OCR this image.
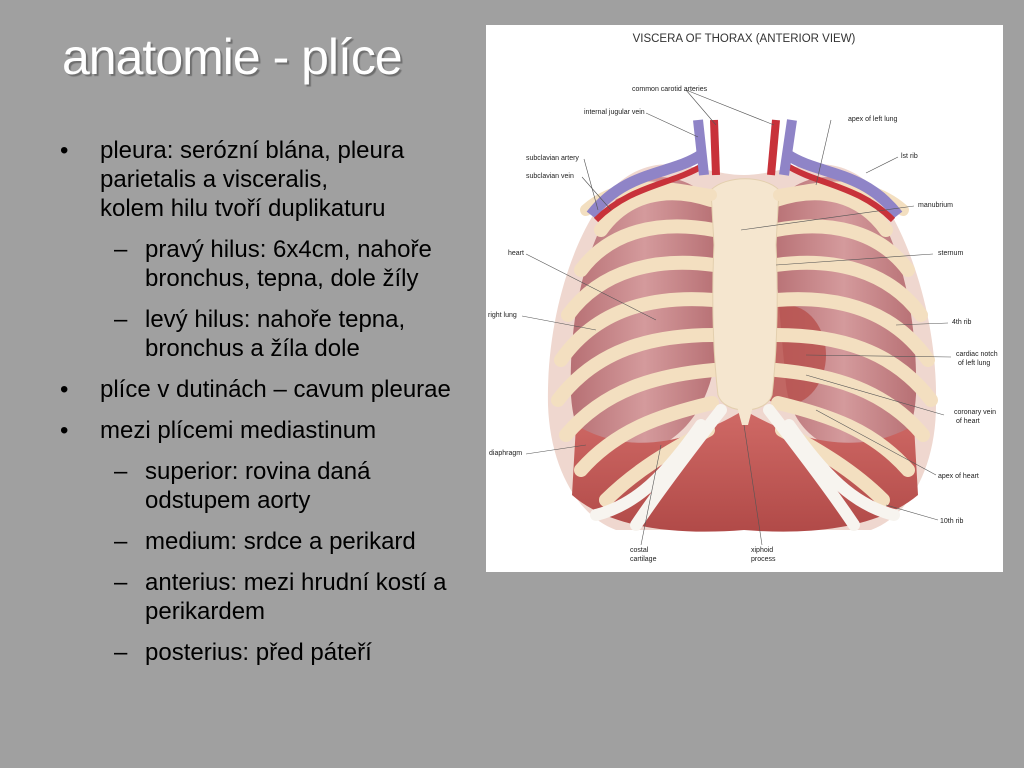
anatomie - plíce
• pleura: serózní blána, pleura
parietalis a visceralis,
kolem hilu tvoří duplikaturu
– pravý hilus: 6x4cm, nahoře
bronchus, tepna, dole žíly
– levý hilus: nahoře tepna,
bronchus a žíla dole
• plíce v dutinách – cavum pleurae
• mezi plícemi mediastinum
– superior: rovina daná
odstupem aorty
– medium: srdce a perikard
– anterius: mezi hrudní kostí a
perikardem
– posterius: před páteří
VISCERA OF THORAX (ANTERIOR VIEW)
common carotid arteries
internal jugular vein
apex of left lung
subclavian artery	lst rib
subclavian vein
manubrium
heart	sternum
right lung
4th rib
cardiac notch
of left lung
coronary vein
of heart
diaphragm
apex of heart
10th rib
costal
cartilage
xiphoid
process
